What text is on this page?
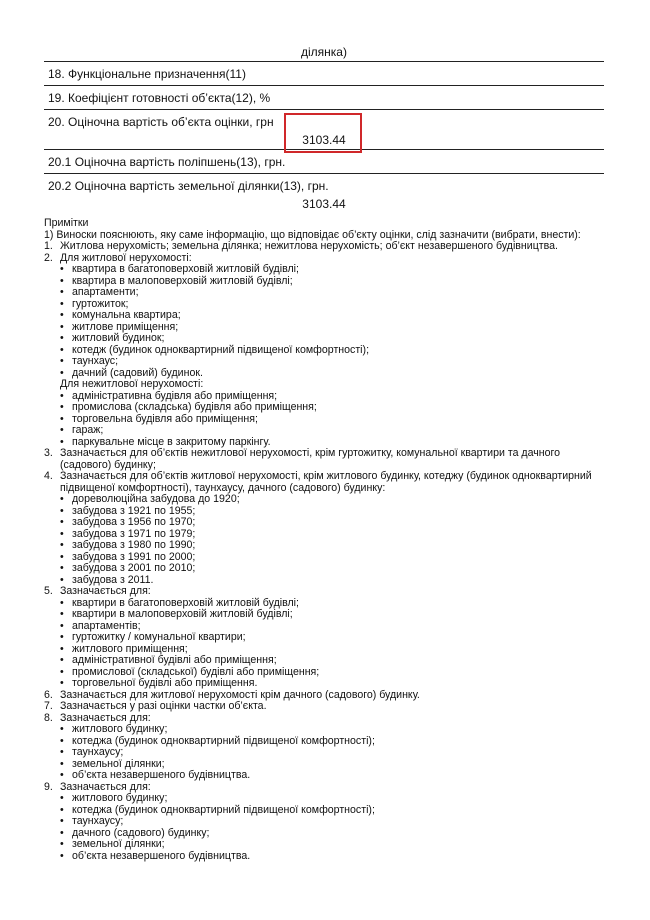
ділянка)
18. Функціональне призначення(11)
19. Коефіцієнт готовності об’єкта(12), %
20. Оціночна вартість об’єкта оцінки, грн
3103.44
20.1 Оціночна вартість поліпшень(13), грн.
20.2 Оціночна вартість земельної ділянки(13), грн.
3103.44
Примітки
1) Виноски пояснюють, яку саме інформацію, що відповідає об’єкту оцінки, слід зазначити (вибрати, внести):
1. Житлова нерухомість; земельна ділянка; нежитлова нерухомість; об’єкт незавершеного будівництва.
2. Для житлової нерухомості:
• квартира в багатоповерховій житловій будівлі;
• квартира в малоповерховій житловій будівлі;
• апартаменти;
• гуртожиток;
• комунальна квартира;
• житлове приміщення;
• житловий будинок;
• котедж (будинок одноквартирний підвищеної комфортності);
• таунхаус;
• дачний (садовий) будинок.
Для нежитлової нерухомості:
• адміністративна будівля або приміщення;
• промислова (складська) будівля або приміщення;
• торговельна будівля або приміщення;
• гараж;
• паркувальне місце в закритому паркінгу.
3. Зазначається для об’єктів нежитлової нерухомості, крім гуртожитку, комунальної квартири та дачного (садового) будинку;
4. Зазначається для об’єктів житлової нерухомості, крім житлового будинку, котеджу (будинок одноквартирний підвищеної комфортності), таунхаусу, дачного (садового) будинку:
• дореволюційна забудова до 1920;
• забудова з 1921 по 1955;
• забудова з 1956 по 1970;
• забудова з 1971 по 1979;
• забудова з 1980 по 1990;
• забудова з 1991 по 2000;
• забудова з 2001 по 2010;
• забудова з 2011.
5. Зазначається для:
• квартири в багатоповерховій житловій будівлі;
• квартири в малоповерховій житловій будівлі;
• апартаментів;
• гуртожитку / комунальної квартири;
• житлового приміщення;
• адміністративної будівлі або приміщення;
• промислової (складської) будівлі або приміщення;
• торговельної будівлі або приміщення.
6. Зазначається для житлової нерухомості крім дачного (садового) будинку.
7. Зазначається у разі оцінки частки об’єкта.
8. Зазначається для:
• житлового будинку;
• котеджа (будинок одноквартирний підвищеної комфортності);
• таунхаусу;
• земельної ділянки;
• об’єкта незавершеного будівництва.
9. Зазначається для:
• житлового будинку;
• котеджа (будинок одноквартирний підвищеної комфортності);
• таунхаусу;
• дачного (садового) будинку;
• земельної ділянки;
• об’єкта незавершеного будівництва.
